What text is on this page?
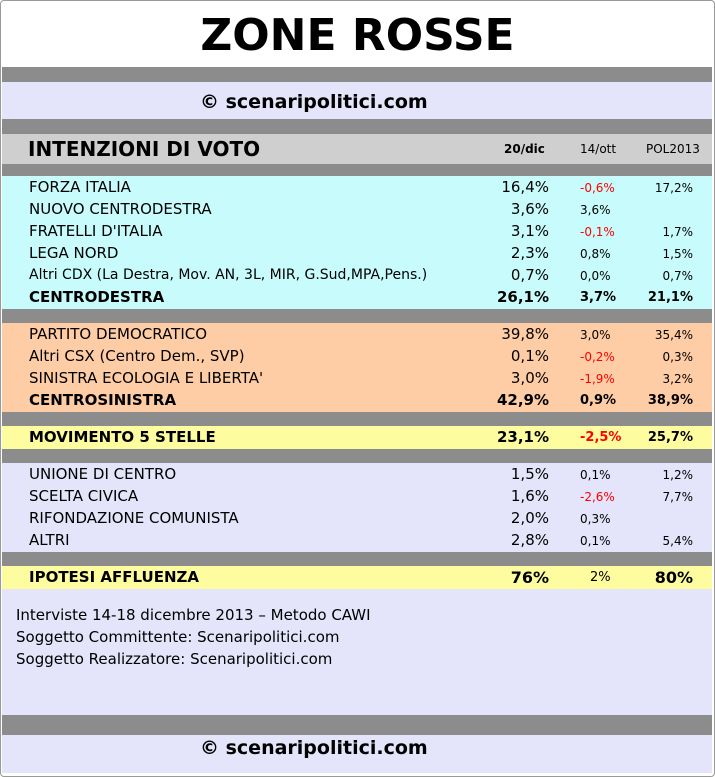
ZONE ROSSE
© scenaripolitici.com
INTENZIONI DI VOTO	20/dic	14/ott POL2013
FORZA ITALIA	16,4%	-0,6%	17,2%
NUOVO CENTRODESTRA	3,6%	3,6%
FRATELLI D'ITALIA	3,1%	-0,1%	1,7%
LEGA NORD	2,3%	0,8%	1,5%
Altri CDX (La Destra, Mov. AN, 3L, MIR, G.Sud,MPA,Pens.)	0,7%	0,0%	0,7%
CENTRODESTRA	26,1% 3,7% 21,1%
PARTITO DEMOCRATICO	39,8%	3,0%	35,4%
Altri CSX (Centro Dem., SVP)	0,1%	-0,2%	0,3%
SINISTRA ECOLOGIA E LIBERTA'	3,0%	-1,9%	3,2%
CENTROSINISTRA	42,9% 0,9% 38,9%
MOVIMENTO 5 STELLE	23,1% -2,5% 25,7%
UNIONE DI CENTRO	1,5%	0,1%	1,2%
SCELTA CIVICA	1,6%	-2,6%	7,7%
RIFONDAZIONE COMUNISTA	2,0%	0,3%
ALTRI	2,8%	0,1%	5,4%
IPOTESI AFFLUENZA	76%	2%	80%
Interviste 14-18 dicembre 2013 – Metodo CAWI
Soggetto Committente: Scenaripolitici.com
Soggetto Realizzatore: Scenaripolitici.com
© scenaripolitici.com
